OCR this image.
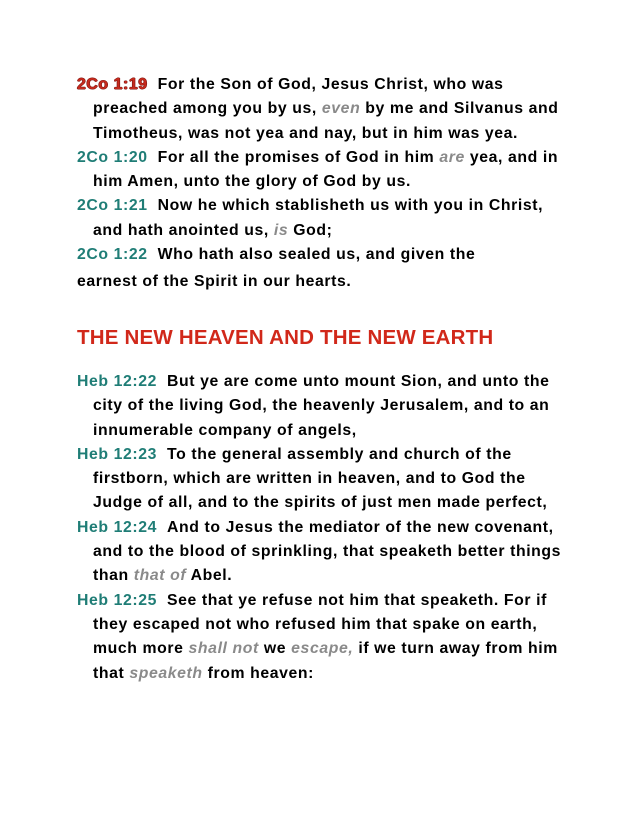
2Co 1:19 For the Son of God, Jesus Christ, who was preached among you by us, even by me and Silvanus and Timotheus, was not yea and nay, but in him was yea.

2Co 1:20 For all the promises of God in him are yea, and in him Amen, unto the glory of God by us.

2Co 1:21 Now he which stablisheth us with you in Christ, and hath anointed us, is God;

2Co 1:22 Who hath also sealed us, and given the

earnest of the Spirit in our hearts.

THE NEW HEAVEN AND THE NEW EARTH

Heb 12:22 But ye are come unto mount Sion, and unto the city of the living God, the heavenly Jerusalem, and to an innumerable company of angels,

Heb 12:23 To the general assembly and church of the firstborn, which are written in heaven, and to God the Judge of all, and to the spirits of just men made perfect,

Heb 12:24 And to Jesus the mediator of the new covenant, and to the blood of sprinkling, that speaketh better things than that of Abel.

Heb 12:25 See that ye refuse not him that speaketh. For if they escaped not who refused him that spake on earth, much more shall not we escape, if we turn away from him that speaketh from heaven:
